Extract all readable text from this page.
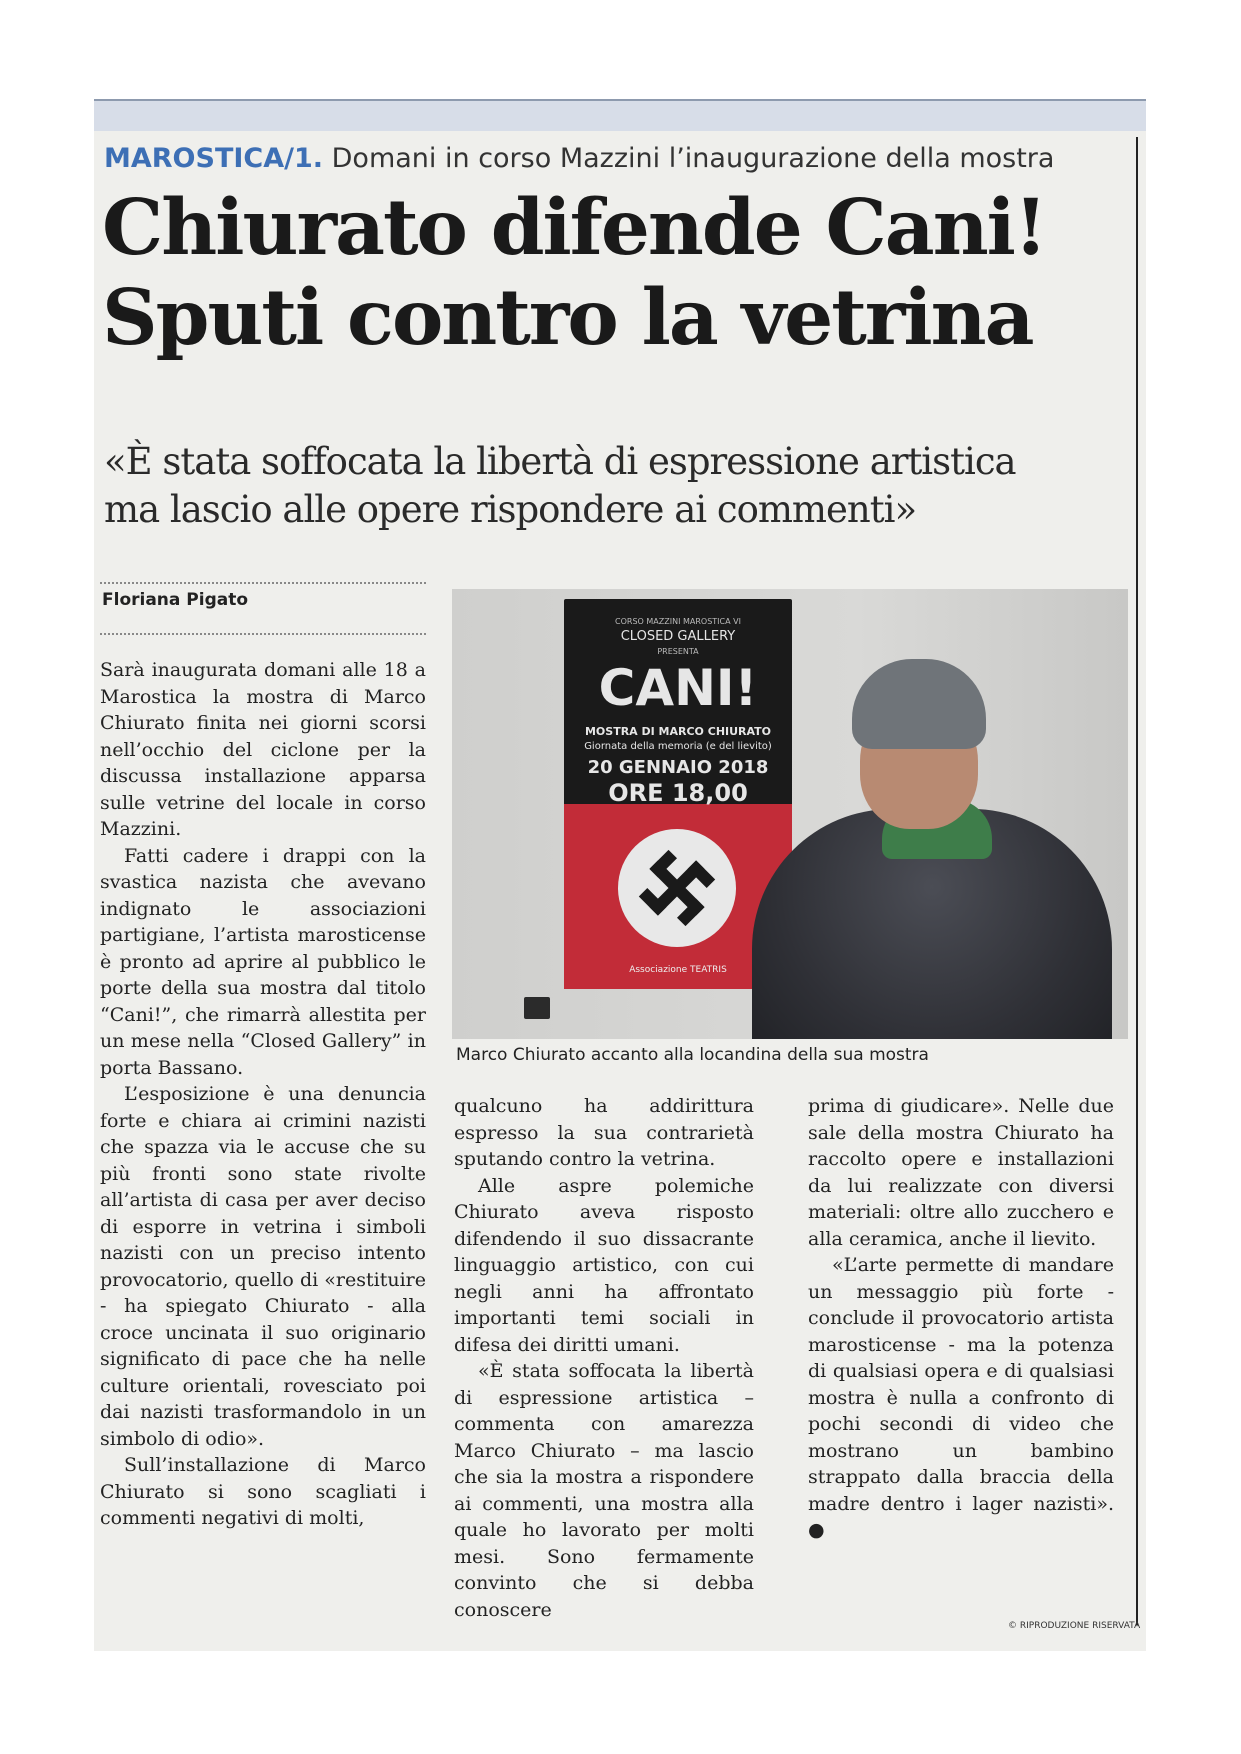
MAROSTICA/1. Domani in corso Mazzini l’inaugurazione della mostra
Chiurato difende Cani!
Sputi contro la vetrina
«È stata soffocata la libertà di espressione artistica
ma lascio alle opere rispondere ai commenti»
Floriana Pigato

Sarà inaugurata domani alle 18 a Marostica la mostra di Marco Chiurato finita nei giorni scorsi nell’occhio del ciclone per la discussa installazione apparsa sulle vetrine del locale in corso Mazzini.

Fatti cadere i drappi con la svastica nazista che avevano indignato le associazioni partigiane, l’artista marosticense è pronto ad aprire al pubblico le porte della sua mostra dal titolo “Cani!”, che rimarrà allestita per un mese nella “Closed Gallery” in porta Bassano.

L’esposizione è una denuncia forte e chiara ai crimini nazisti che spazza via le accuse che su più fronti sono state rivolte all’artista di casa per aver deciso di esporre in vetrina i simboli nazisti con un preciso intento provocatorio, quello di «restituire - ha spiegato Chiurato - alla croce uncinata il suo originario significato di pace che ha nelle culture orientali, rovesciato poi dai nazisti trasformandolo in un simbolo di odio».

Sull’installazione di Marco Chiurato si sono scagliati i commenti negativi di molti,

CORSO MAZZINI MAROSTICA VI
CLOSED GALLERY
PRESENTA
CANI!
MOSTRA DI MARCO CHIURATO
Giornata della memoria (e del lievito)
20 GENNAIO 2018
ORE 18,00
Associazione TEATRIS
Marco Chiurato accanto alla locandina della sua mostra

qualcuno ha addirittura espresso la sua contrarietà sputando contro la vetrina.

Alle aspre polemiche Chiurato aveva risposto difendendo il suo dissacrante linguaggio artistico, con cui negli anni ha affrontato importanti temi sociali in difesa dei diritti umani.

«È stata soffocata la libertà di espressione artistica – commenta con amarezza Marco Chiurato – ma lascio che sia la mostra a rispondere ai commenti, una mostra alla quale ho lavorato per molti mesi. Sono fermamente convinto che si debba conoscere

prima di giudicare». Nelle due sale della mostra Chiurato ha raccolto opere e installazioni da lui realizzate con diversi materiali: oltre allo zucchero e alla ceramica, anche il lievito.

«L’arte permette di mandare un messaggio più forte - conclude il provocatorio artista marosticense - ma la potenza di qualsiasi opera e di qualsiasi mostra è nulla a confronto di pochi secondi di video che mostrano un bambino strappato dalla braccia della madre dentro i lager nazisti». ●

© RIPRODUZIONE RISERVATA
